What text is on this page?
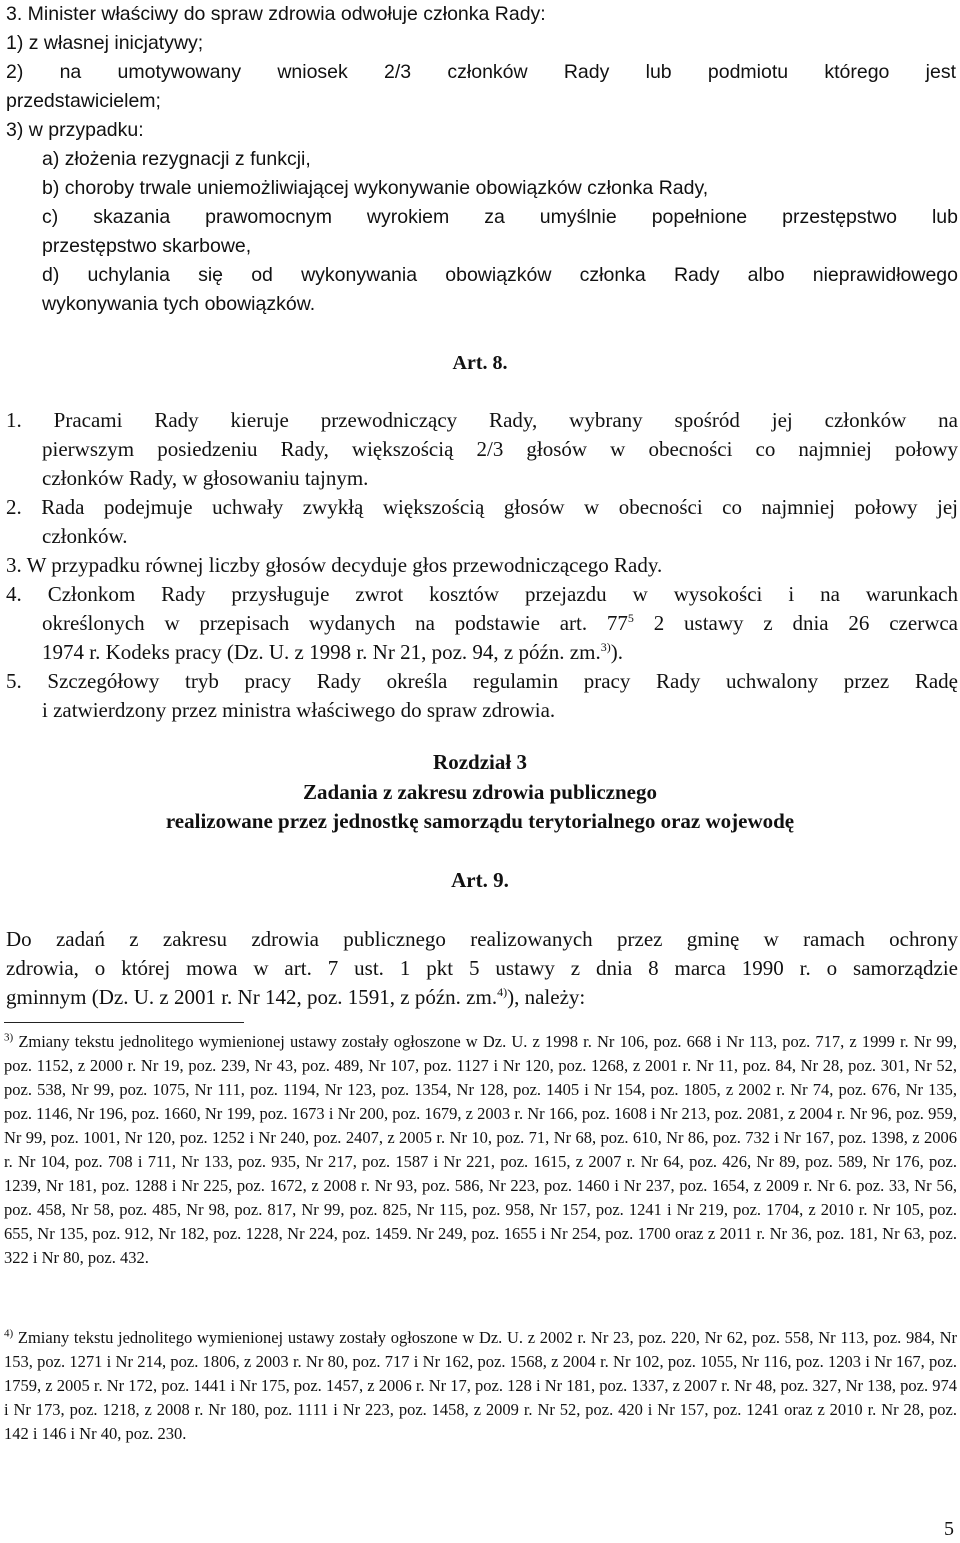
3. Minister właściwy do spraw zdrowia odwołuje członka Rady:
1) z własnej inicjatywy;
2) na umotywowany wniosek 2/3 członków Rady lub podmiotu którego jest
przedstawicielem;
3) w przypadku:
a) złożenia rezygnacji z funkcji,
b) choroby trwale uniemożliwiającej wykonywanie obowiązków członka Rady,
c) skazania prawomocnym wyrokiem za umyślnie popełnione przestępstwo lub
przestępstwo skarbowe,
d) uchylania się od wykonywania obowiązków członka Rady albo nieprawidłowego
wykonywania tych obowiązków.
Art. 8.
1. Pracami Rady kieruje przewodniczący Rady, wybrany spośród jej członków na
pierwszym posiedzeniu Rady, większością 2/3 głosów w obecności co najmniej połowy
członków Rady, w głosowaniu tajnym.
2. Rada podejmuje uchwały zwykłą większością głosów w obecności co najmniej połowy jej
członków.
3. W przypadku równej liczby głosów decyduje głos przewodniczącego Rady.
4. Członkom Rady przysługuje zwrot kosztów przejazdu w wysokości i na warunkach
określonych w przepisach wydanych na podstawie art. $77^5$ 2 ustawy z dnia 26 czerwca
1974 r. Kodeks pracy (Dz. U. z 1998 r. Nr 21, poz. 94, z późn. zm.$^{3)}$).
5. Szczegółowy tryb pracy Rady określa regulamin pracy Rady uchwalony przez Radę
i zatwierdzony przez ministra właściwego do spraw zdrowia.
Rozdział 3
Zadania z zakresu zdrowia publicznego
realizowane przez jednostkę samorządu terytorialnego oraz wojewodę
Art. 9.
Do zadań z zakresu zdrowia publicznego realizowanych przez gminę w ramach ochrony
zdrowia, o której mowa w art. 7 ust. 1 pkt 5 ustawy z dnia 8 marca 1990 r. o samorządzie
gminnym (Dz. U. z 2001 r. Nr 142, poz. 1591, z późn. zm.$^{4)}$), należy:
$^{3)}$ Zmiany tekstu jednolitego wymienionej ustawy zostały ogłoszone w Dz. U. z 1998 r. Nr 106, poz. 668 i Nr 113, poz. 717, z 1999 r. Nr 99, poz. 1152, z 2000 r. Nr 19, poz. 239, Nr 43, poz. 489, Nr 107, poz. 1127 i Nr 120, poz. 1268, z 2001 r. Nr 11, poz. 84, Nr 28, poz. 301, Nr 52, poz. 538, Nr 99, poz. 1075, Nr 111, poz. 1194, Nr 123, poz. 1354, Nr 128, poz. 1405 i Nr 154, poz. 1805, z 2002 r. Nr 74, poz. 676, Nr 135, poz. 1146, Nr 196, poz. 1660, Nr 199, poz. 1673 i Nr 200, poz. 1679, z 2003 r. Nr 166, poz. 1608 i Nr 213, poz. 2081, z 2004 r. Nr 96, poz. 959, Nr 99, poz. 1001, Nr 120, poz. 1252 i Nr 240, poz. 2407, z 2005 r. Nr 10, poz. 71, Nr 68, poz. 610, Nr 86, poz. 732 i Nr 167, poz. 1398, z 2006 r. Nr 104, poz. 708 i 711, Nr 133, poz. 935, Nr 217, poz. 1587 i Nr 221, poz. 1615, z 2007 r. Nr 64, poz. 426, Nr 89, poz. 589, Nr 176, poz. 1239, Nr 181, poz. 1288 i Nr 225, poz. 1672, z 2008 r. Nr 93, poz. 586, Nr 223, poz. 1460 i Nr 237, poz. 1654, z 2009 r. Nr 6. poz. 33, Nr 56, poz. 458, Nr 58, poz. 485, Nr 98, poz. 817, Nr 99, poz. 825, Nr 115, poz. 958, Nr 157, poz. 1241 i Nr 219, poz. 1704, z 2010 r. Nr 105, poz. 655, Nr 135, poz. 912, Nr 182, poz. 1228, Nr 224, poz. 1459. Nr 249, poz. 1655 i Nr 254, poz. 1700 oraz z 2011 r. Nr 36, poz. 181, Nr 63, poz. 322 i Nr 80, poz. 432.
$^{4)}$ Zmiany tekstu jednolitego wymienionej ustawy zostały ogłoszone w Dz. U. z 2002 r. Nr 23, poz. 220, Nr 62, poz. 558, Nr 113, poz. 984, Nr 153, poz. 1271 i Nr 214, poz. 1806, z 2003 r. Nr 80, poz. 717 i Nr 162, poz. 1568, z 2004 r. Nr 102, poz. 1055, Nr 116, poz. 1203 i Nr 167, poz. 1759, z 2005 r. Nr 172, poz. 1441 i Nr 175, poz. 1457, z 2006 r. Nr 17, poz. 128 i Nr 181, poz. 1337, z 2007 r. Nr 48, poz. 327, Nr 138, poz. 974 i Nr 173, poz. 1218, z 2008 r. Nr 180, poz. 1111 i Nr 223, poz. 1458, z 2009 r. Nr 52, poz. 420 i Nr 157, poz. 1241 oraz z 2010 r. Nr 28, poz. 142 i 146 i Nr 40, poz. 230.
5
